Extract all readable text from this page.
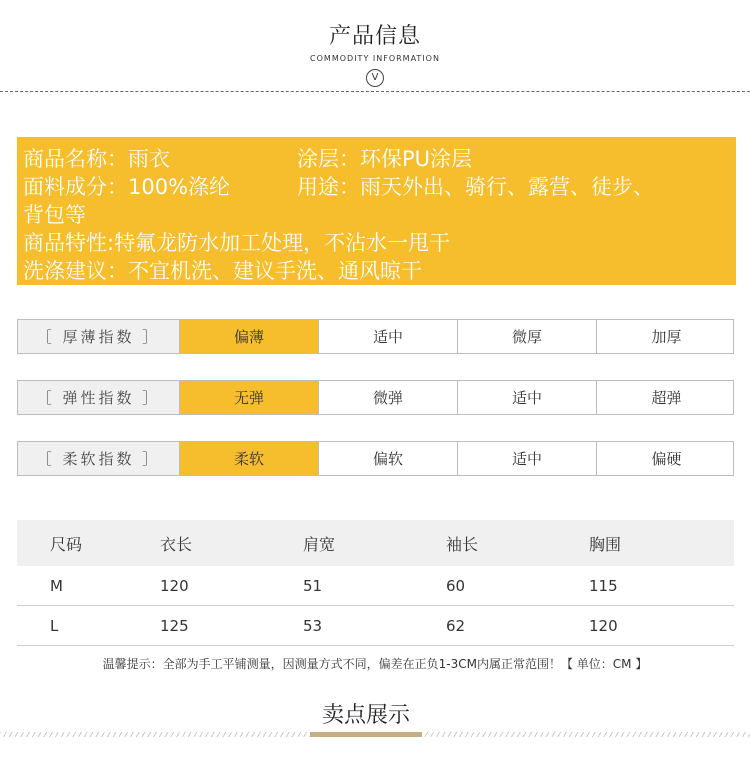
产品信息
COMMODITY INFORMATION
V
商品名称：雨衣	涂层：环保PU涂层
面料成分：100%涤纶	用途：雨天外出、骑行、露营、徒步、
背包等
商品特性:特氟龙防水加工处理，不沾水一甩干
洗涤建议：不宜机洗、建议手洗、通风晾干
［ 厚薄指数 ］	偏薄	适中	微厚	加厚
［ 弹性指数 ］	无弹	微弹	适中	超弹
［ 柔软指数 ］	柔软	偏软	适中	偏硬
尺码	衣长	肩宽	袖长	胸围
M	120	51	60	115
L	125	53	62	120
温馨提示：全部为手工平铺测量，因测量方式不同，偏差在正负1-3CM内属正常范围！【 单位：CM 】
卖点展示
